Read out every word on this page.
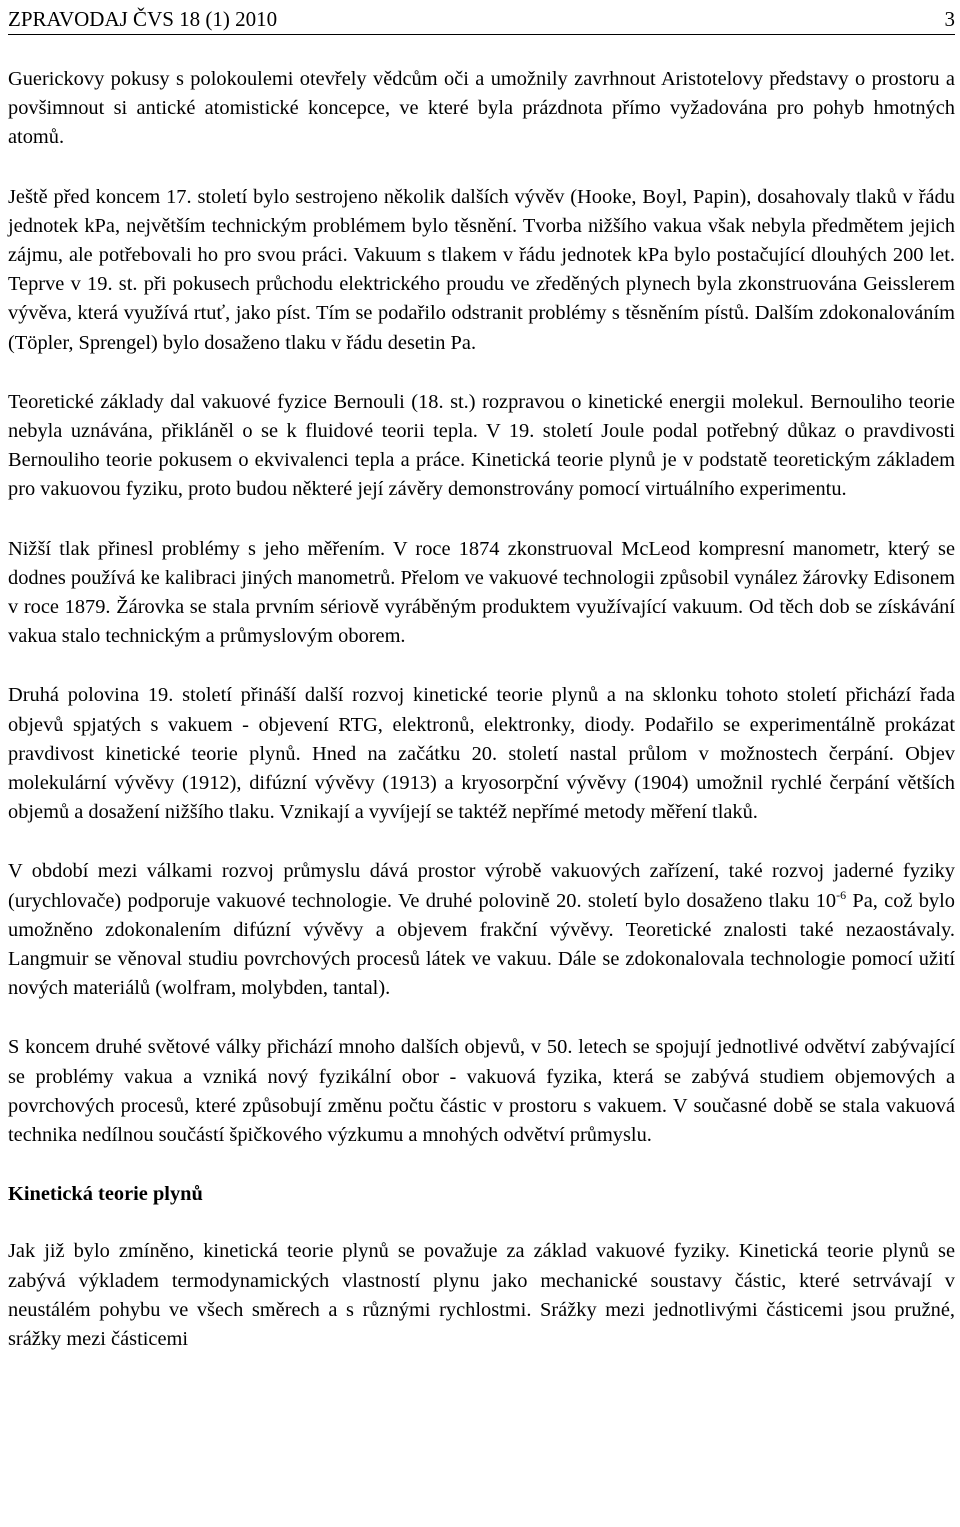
ZPRAVODAJ ČVS 18 (1) 2010	3

Guerickovy pokusy s polokoulemi otevřely vědcům oči a umožnily zavrhnout Aristotelovy představy o prostoru a povšimnout si antické atomistické koncepce, ve které byla prázdnota přímo vyžadována pro pohyb hmotných atomů.

Ještě před koncem 17. století bylo sestrojeno několik dalších vývěv (Hooke, Boyl, Papin), dosahovaly tlaků v řádu jednotek kPa, největším technickým problémem bylo těsnění. Tvorba nižšího vakua však nebyla předmětem jejich zájmu, ale potřebovali ho pro svou práci. Vakuum s tlakem v řádu jednotek kPa bylo postačující dlouhých 200 let. Teprve v 19. st. při pokusech průchodu elektrického proudu ve zředěných plynech byla zkonstruována Geisslerem vývěva, která využívá rtuť, jako píst. Tím se podařilo odstranit problémy s těsněním pístů. Dalším zdokonalováním (Töpler, Sprengel) bylo dosaženo tlaku v řádu desetin Pa.

Teoretické základy dal vakuové fyzice Bernouli (18. st.) rozpravou o kinetické energii molekul. Bernouliho teorie nebyla uznávána, přikláněl o se k fluidové teorii tepla. V 19. století Joule podal potřebný důkaz o pravdivosti Bernouliho teorie pokusem o ekvivalenci tepla a práce. Kinetická teorie plynů je v podstatě teoretickým základem pro vakuovou fyziku, proto budou některé její závěry demonstrovány pomocí virtuálního experimentu.

Nižší tlak přinesl problémy s jeho měřením. V roce 1874 zkonstruoval McLeod kompresní manometr, který se dodnes používá ke kalibraci jiných manometrů. Přelom ve vakuové technologii způsobil vynález žárovky Edisonem v roce 1879. Žárovka se stala prvním sériově vyráběným produktem využívající vakuum. Od těch dob se získávání vakua stalo technickým a průmyslovým oborem.

Druhá polovina 19. století přináší další rozvoj kinetické teorie plynů a na sklonku tohoto století přichází řada objevů spjatých s vakuem - objevení RTG, elektronů, elektronky, diody. Podařilo se experimentálně prokázat pravdivost kinetické teorie plynů. Hned na začátku 20. století nastal průlom v možnostech čerpání. Objev molekulární vývěvy (1912), difúzní vývěvy (1913) a kryosorpční vývěvy (1904) umožnil rychlé čerpání větších objemů a dosažení nižšího tlaku. Vznikají a vyvíjejí se taktéž nepřímé metody měření tlaků.

V období mezi válkami rozvoj průmyslu dává prostor výrobě vakuových zařízení, také rozvoj jaderné fyziky (urychlovače) podporuje vakuové technologie. Ve druhé polovině 20. století bylo dosaženo tlaku $10^{-6}$ Pa, což bylo umožněno zdokonalením difúzní vývěvy a objevem frakční vývěvy. Teoretické znalosti také nezaostávaly. Langmuir se věnoval studiu povrchových procesů látek ve vakuu. Dále se zdokonalovala technologie pomocí užití nových materiálů (wolfram, molybden, tantal).

S koncem druhé světové války přichází mnoho dalších objevů, v 50. letech se spojují jednotlivé odvětví zabývající se problémy vakua a vzniká nový fyzikální obor - vakuová fyzika, která se zabývá studiem objemových a povrchových procesů, které způsobují změnu počtu částic v prostoru s vakuem. V současné době se stala vakuová technika nedílnou součástí špičkového výzkumu a mnohých odvětví průmyslu.

Kinetická teorie plynů

Jak již bylo zmíněno, kinetická teorie plynů se považuje za základ vakuové fyziky. Kinetická teorie plynů se zabývá výkladem termodynamických vlastností plynu jako mechanické soustavy částic, které setrvávají v neustálém pohybu ve všech směrech a s různými rychlostmi. Srážky mezi jednotlivými částicemi jsou pružné, srážky mezi částicemi
